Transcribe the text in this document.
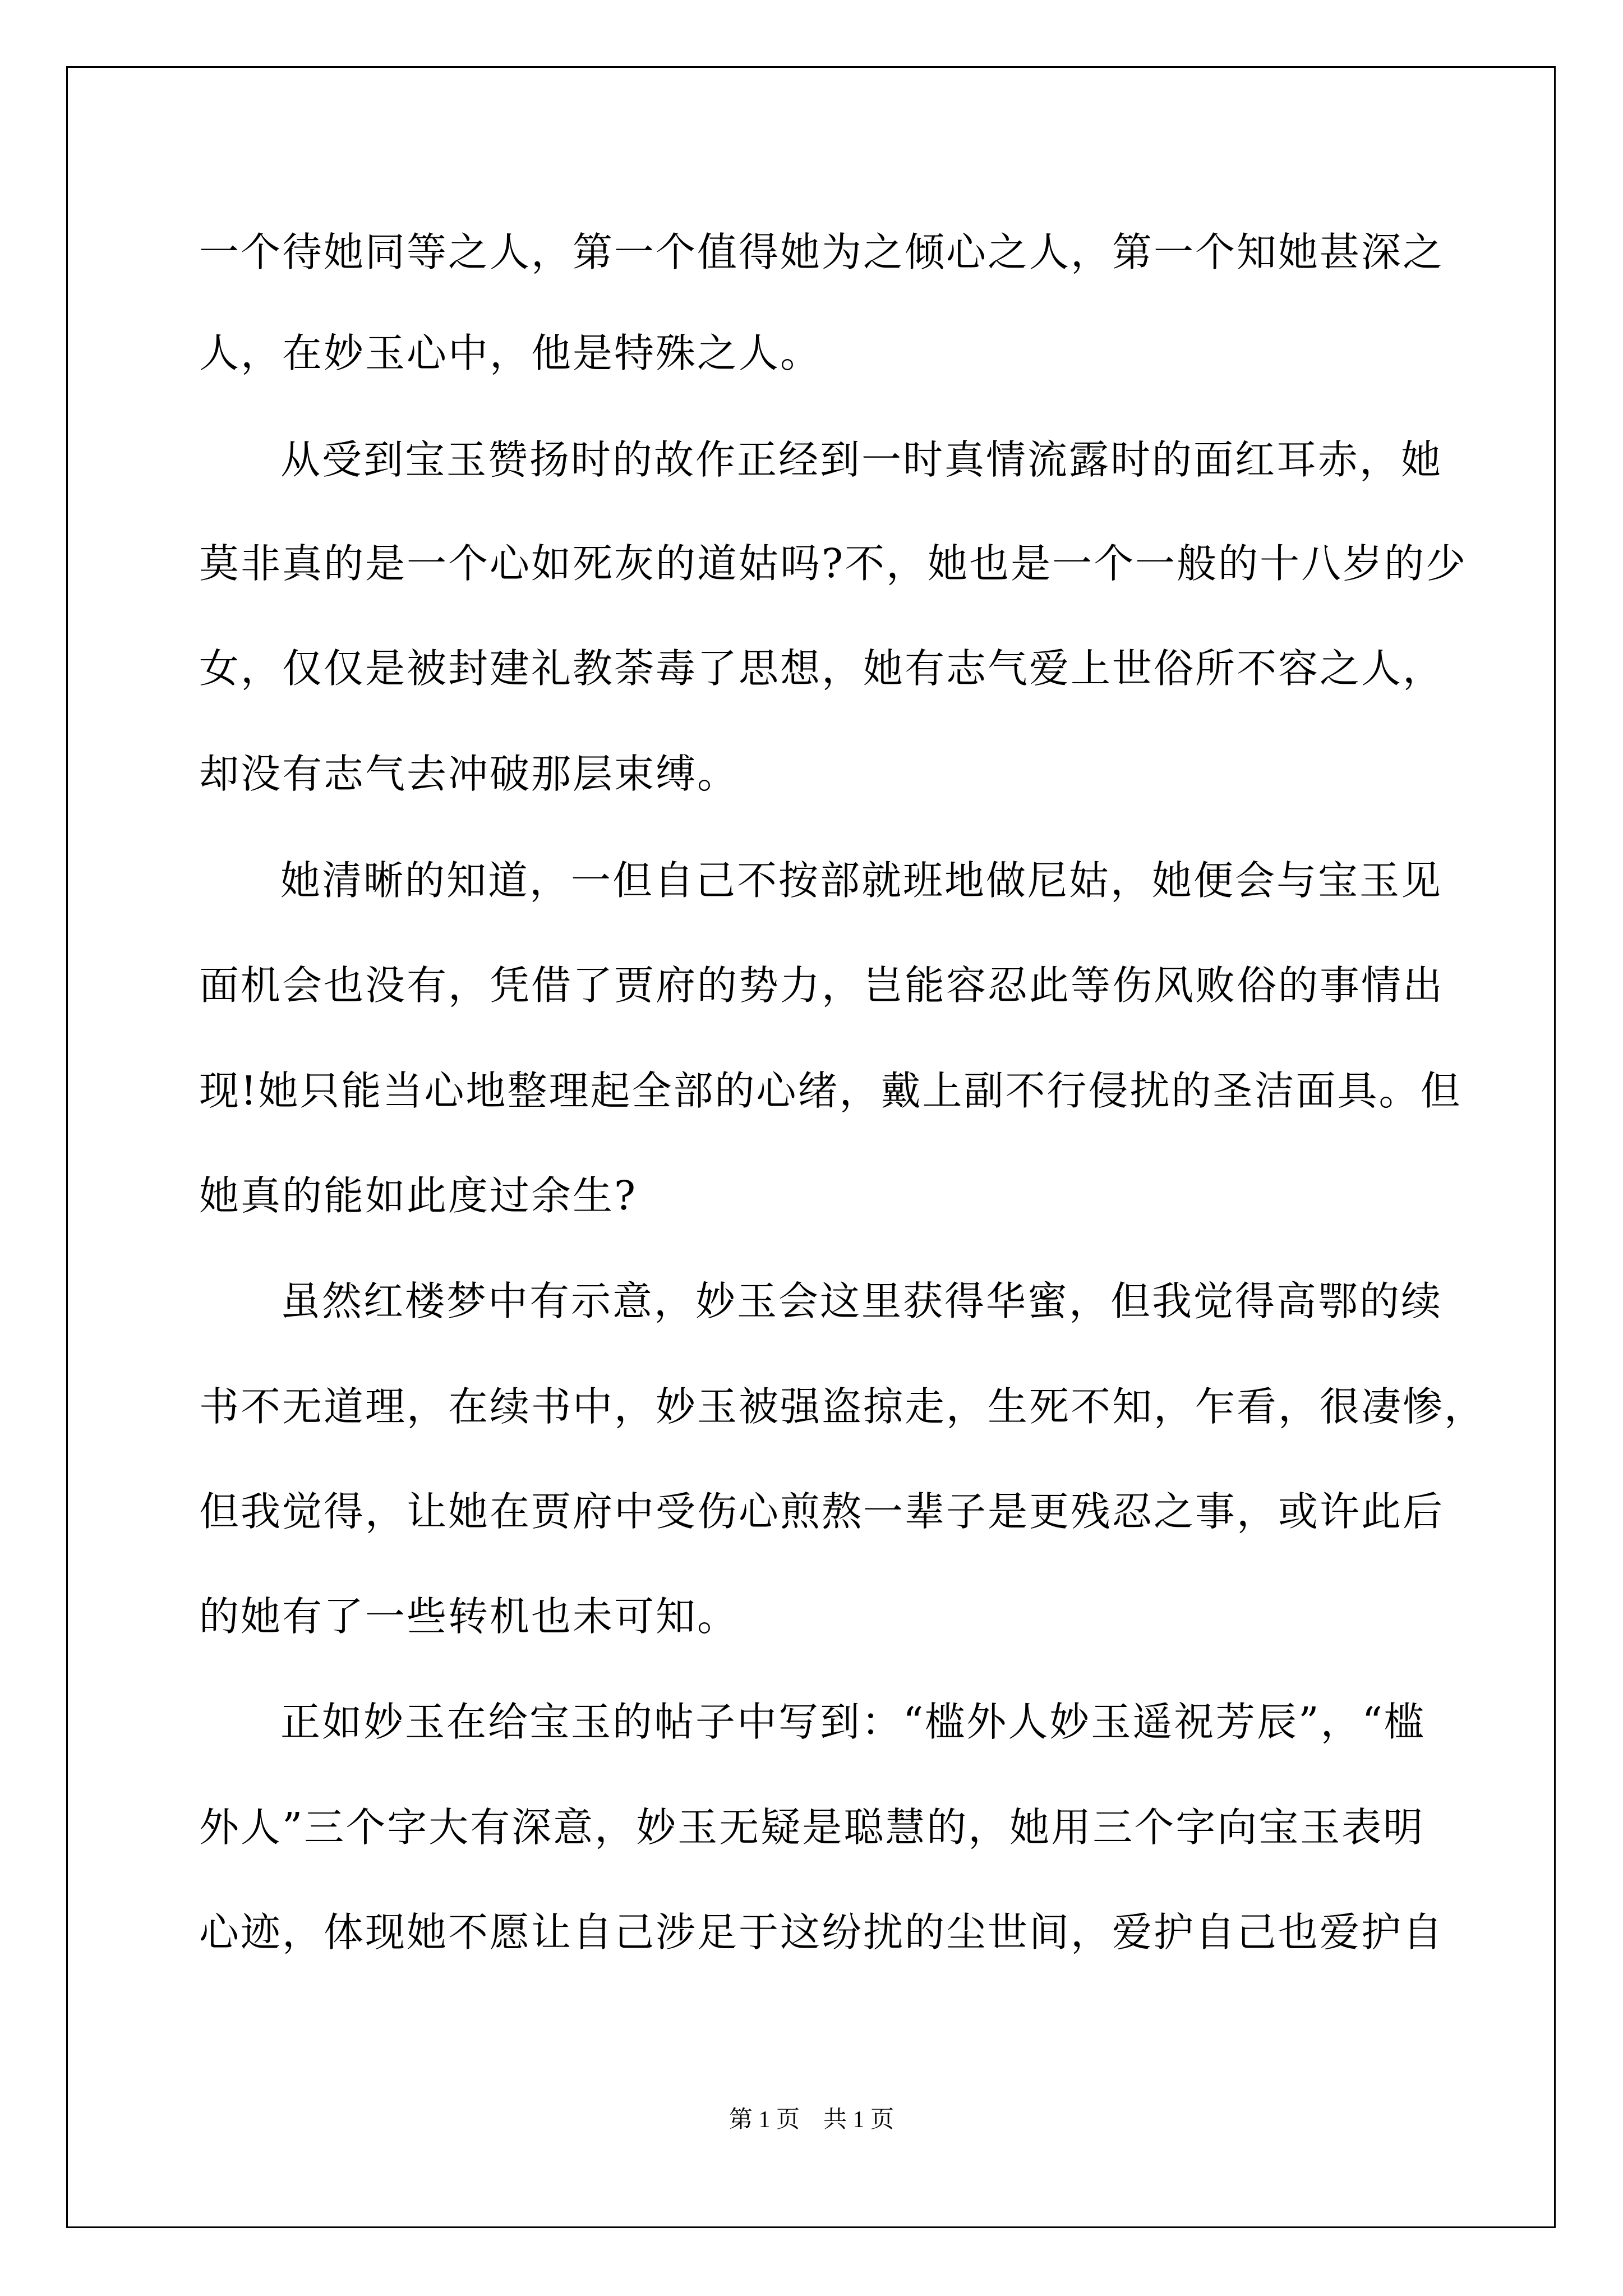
一个待她同等之人，第一个值得她为之倾心之人，第一个知她甚深之
人，在妙玉心中，他是特殊之人。
从受到宝玉赞扬时的故作正经到一时真情流露时的面红耳赤，她
莫非真的是一个心如死灰的道姑吗?不，她也是一个一般的十八岁的少
女，仅仅是被封建礼教荼毒了思想，她有志气爱上世俗所不容之人，
却没有志气去冲破那层束缚。
她清晰的知道，一但自己不按部就班地做尼姑，她便会与宝玉见
面机会也没有，凭借了贾府的势力，岂能容忍此等伤风败俗的事情出
现!她只能当心地整理起全部的心绪，戴上副不行侵扰的圣洁面具。但
她真的能如此度过余生?
虽然红楼梦中有示意，妙玉会这里获得华蜜，但我觉得高鄂的续
书不无道理，在续书中，妙玉被强盗掠走，生死不知，乍看，很凄惨，
但我觉得，让她在贾府中受伤心煎熬一辈子是更残忍之事，或许此后
的她有了一些转机也未可知。
正如妙玉在给宝玉的帖子中写到：“槛外人妙玉遥祝芳辰”，“槛
外人”三个字大有深意，妙玉无疑是聪慧的，她用三个字向宝玉表明
心迹，体现她不愿让自己涉足于这纷扰的尘世间，爱护自己也爱护自
第 1 页　共 1 页
